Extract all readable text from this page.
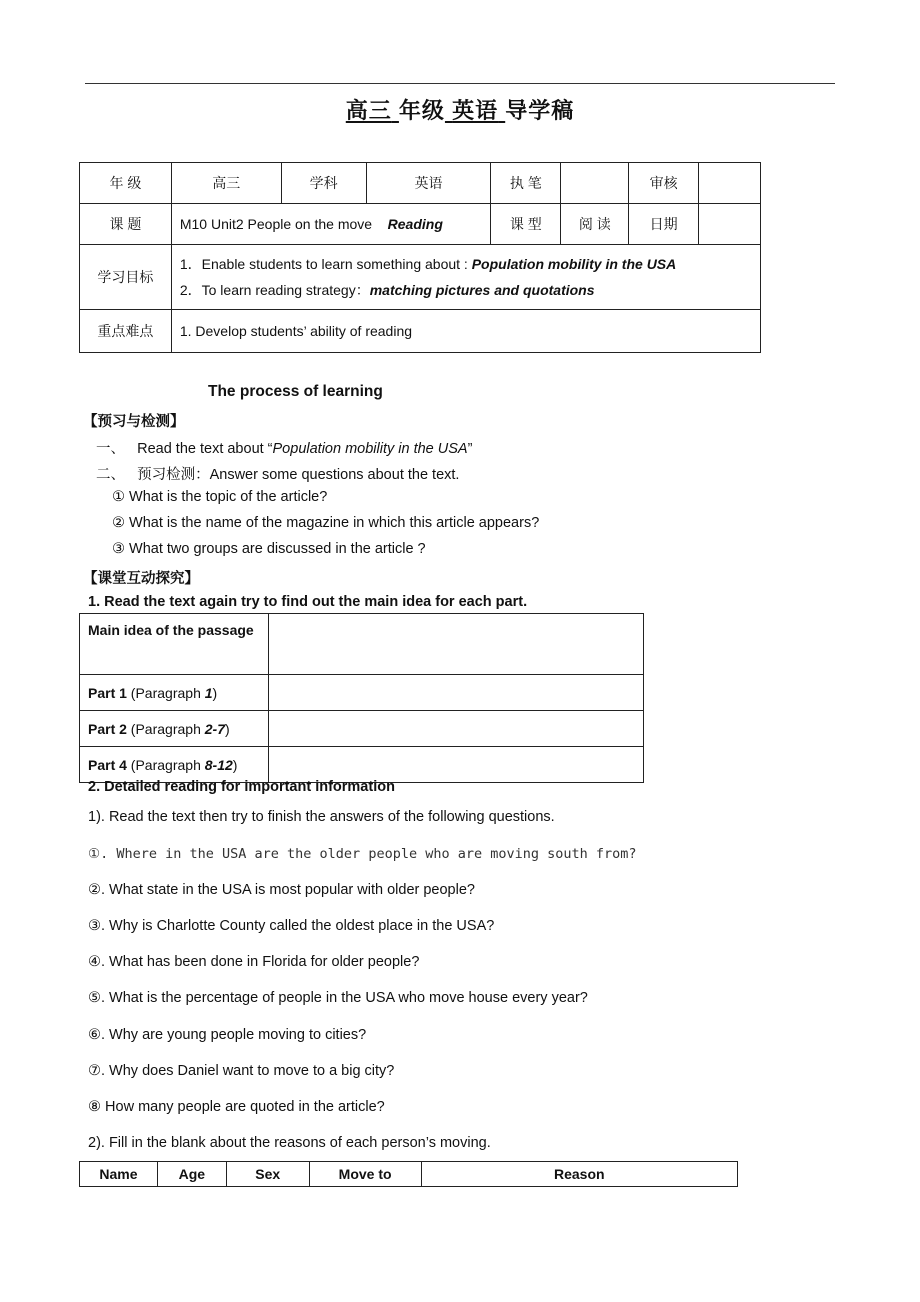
高三 年级 英语 导学稿
年 级	高三	学科	英语	执 笔		审核	
课 题	M10 Unit2 People on the move Reading			课 型	阅 读	日期	
学习目标	1．Enable students to learn something about : Population mobility in the USA
2．To learn reading strategy：matching pictures and quotations						

重点难点	1. Develop students’ ability of reading						
The process of learning
【预习与检测】
一、 Read the text about “Population mobility in the USA”
二、 预习检测：Answer some questions about the text.
① What is the topic of the article?
② What is the name of the magazine in which this article appears?
③ What two groups are discussed in the article ?
【课堂互动探究】
1. Read the text again try to find out the main idea for each part.
Main idea of the passage	
Part 1 (Paragraph 1)	
Part 2 (Paragraph 2-7)	
Part 4 (Paragraph 8-12)	
2. Detailed reading for important information
1). Read the text then try to finish the answers of the following questions.
①. Where in the USA are the older people who are moving south from?
②. What state in the USA is most popular with older people?
③. Why is Charlotte County called the oldest place in the USA?
④. What has been done in Florida for older people?
⑤. What is the percentage of people in the USA who move house every year?
⑥. Why are young people moving to cities?
⑦. Why does Daniel want to move to a big city?
⑧ How many people are quoted in the article?
2). Fill in the blank about the reasons of each person’s moving.
Name	Age	Sex	Move to	Reason
